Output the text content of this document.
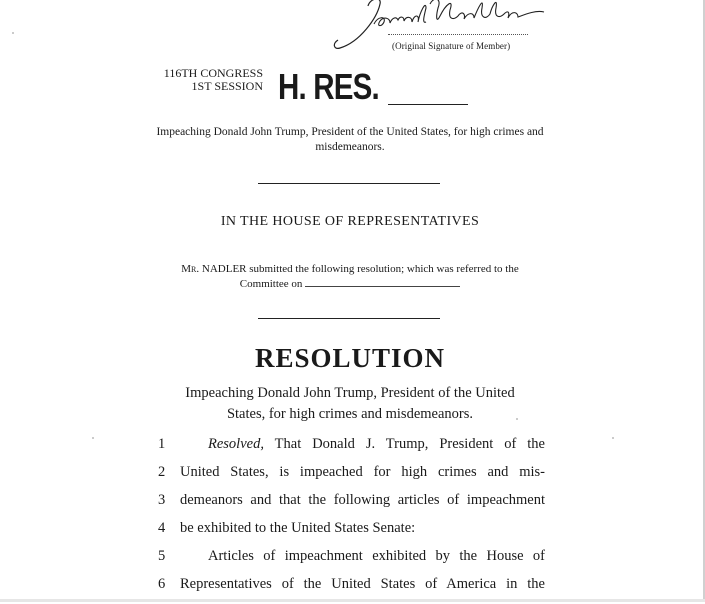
(Original Signature of Member)
116TH CONGRESS
1ST SESSION H. RES.
Impeaching Donald John Trump, President of the United States, for high crimes and misdemeanors.
IN THE HOUSE OF REPRESENTATIVES
Mr. NADLER submitted the following resolution; which was referred to the
Committee on
RESOLUTION
Impeaching Donald John Trump, President of the United
States, for high crimes and misdemeanors.
1	Resolved, That Donald J. Trump, President of the
2	United States, is impeached for high crimes and mis-
3	demeanors and that the following articles of impeachment
4	be exhibited to the United States Senate:
5	Articles of impeachment exhibited by the House of
6	Representatives of the United States of America in the
